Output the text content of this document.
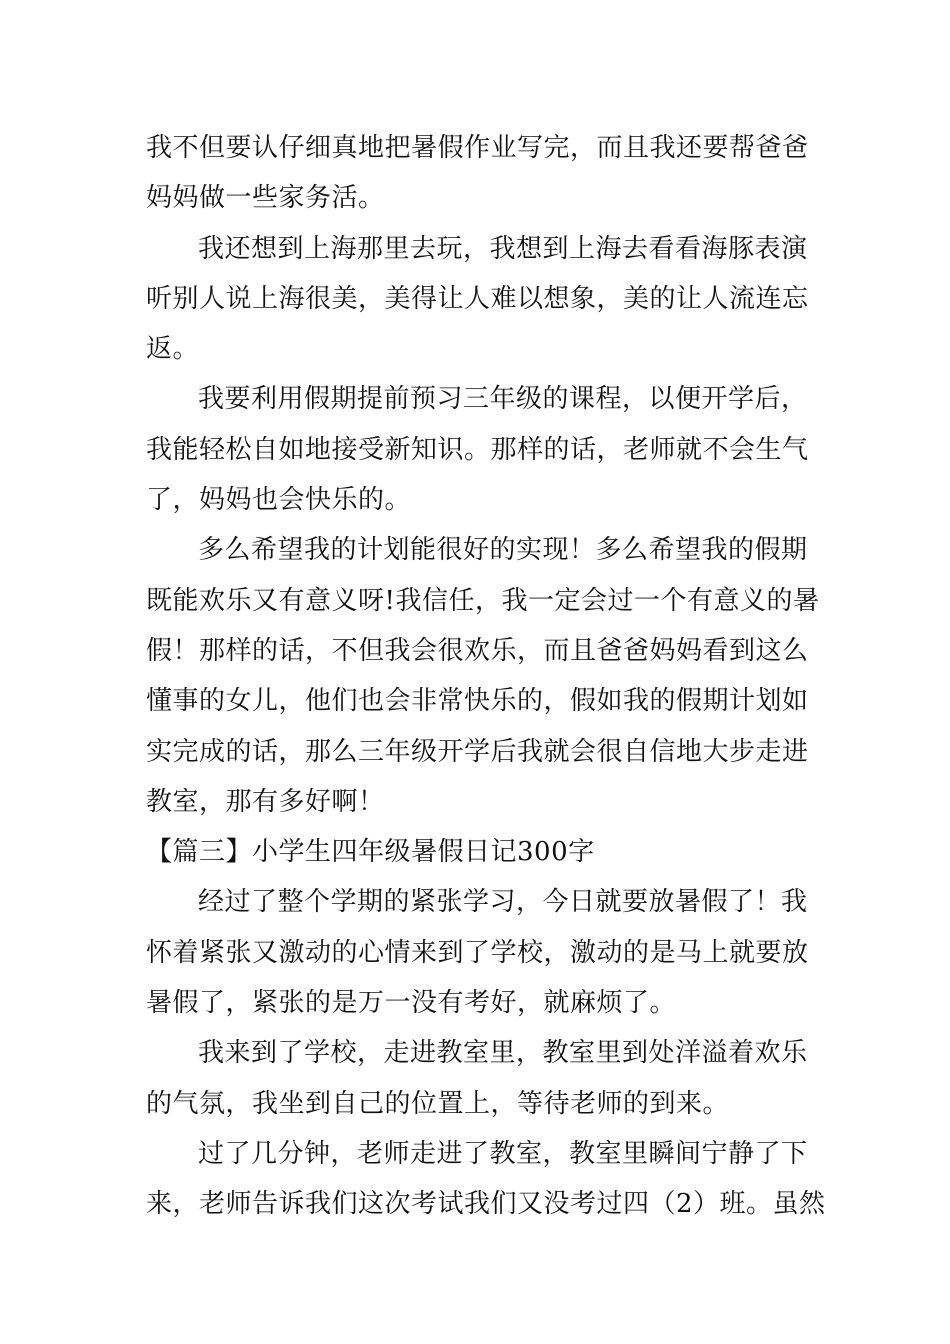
我不但要认仔细真地把暑假作业写完，而且我还要帮爸爸
妈妈做一些家务活。
我还想到上海那里去玩，我想到上海去看看海豚表演
听别人说上海很美，美得让人难以想象，美的让人流连忘
返。
我要利用假期提前预习三年级的课程，以便开学后，
我能轻松自如地接受新知识。那样的话，老师就不会生气
了，妈妈也会快乐的。
多么希望我的计划能很好的实现！多么希望我的假期
既能欢乐又有意义呀!我信任，我一定会过一个有意义的暑
假！那样的话，不但我会很欢乐，而且爸爸妈妈看到这么
懂事的女儿，他们也会非常快乐的，假如我的假期计划如
实完成的话，那么三年级开学后我就会很自信地大步走进
教室，那有多好啊！
【篇三】小学生四年级暑假日记300字
经过了整个学期的紧张学习，今日就要放暑假了！我
怀着紧张又激动的心情来到了学校，激动的是马上就要放
暑假了，紧张的是万一没有考好，就麻烦了。
我来到了学校，走进教室里，教室里到处洋溢着欢乐
的气氛，我坐到自己的位置上，等待老师的到来。
过了几分钟，老师走进了教室，教室里瞬间宁静了下
来，老师告诉我们这次考试我们又没考过四（2）班。虽然
